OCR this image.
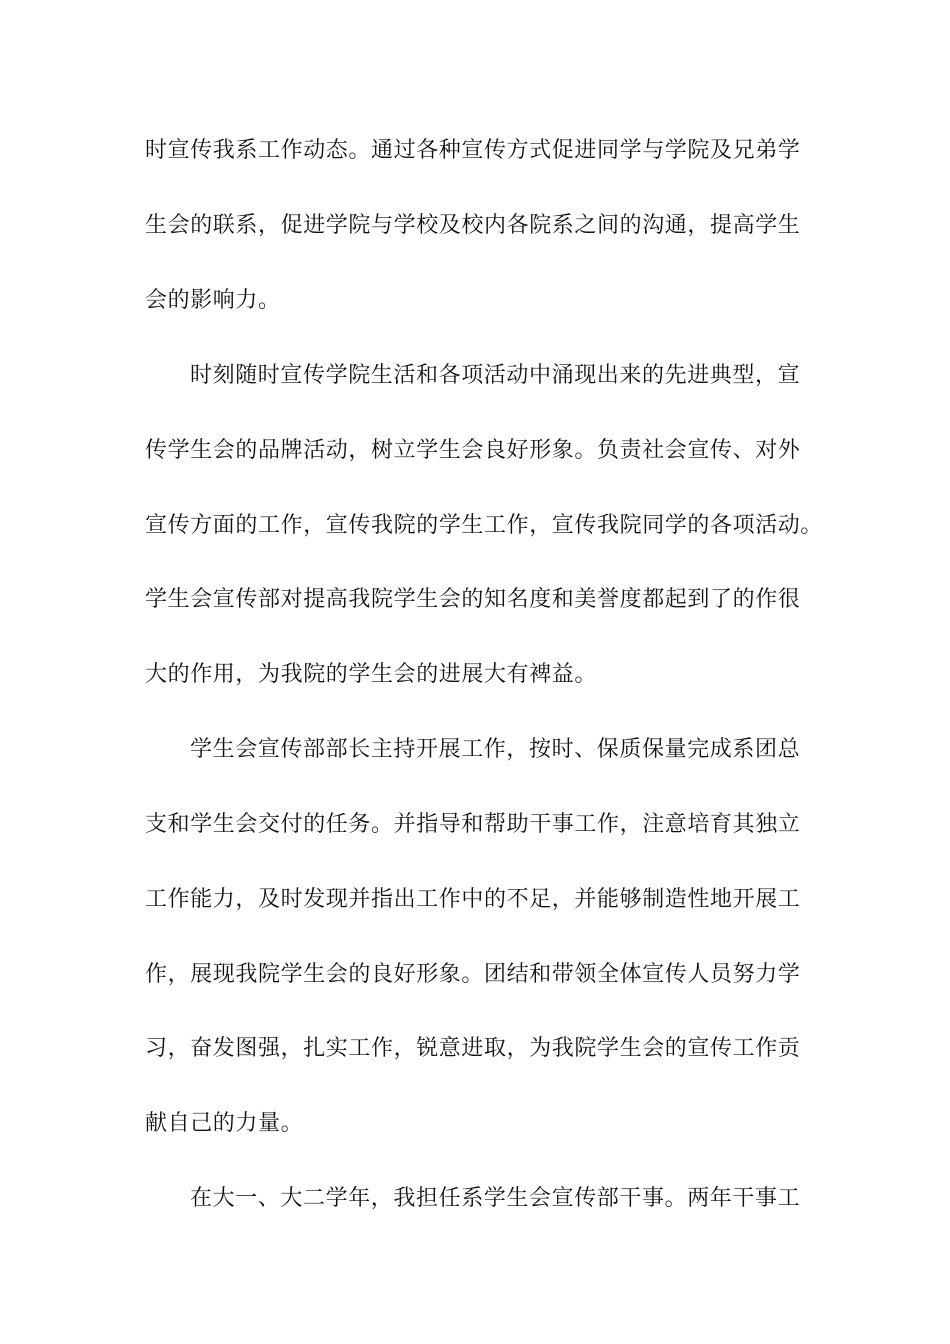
时宣传我系工作动态。通过各种宣传方式促进同学与学院及兄弟学
生会的联系，促进学院与学校及校内各院系之间的沟通，提高学生
会的影响力。
时刻随时宣传学院生活和各项活动中涌现出来的先进典型，宣
传学生会的品牌活动，树立学生会良好形象。负责社会宣传、对外
宣传方面的工作，宣传我院的学生工作，宣传我院同学的各项活动。
学生会宣传部对提高我院学生会的知名度和美誉度都起到了的作很
大的作用，为我院的学生会的进展大有裨益。
学生会宣传部部长主持开展工作，按时、保质保量完成系团总
支和学生会交付的任务。并指导和帮助干事工作，注意培育其独立
工作能力，及时发现并指出工作中的不足，并能够制造性地开展工
作，展现我院学生会的良好形象。团结和带领全体宣传人员努力学
习，奋发图强，扎实工作，锐意进取，为我院学生会的宣传工作贡
献自己的力量。
在大一、大二学年，我担任系学生会宣传部干事。两年干事工
